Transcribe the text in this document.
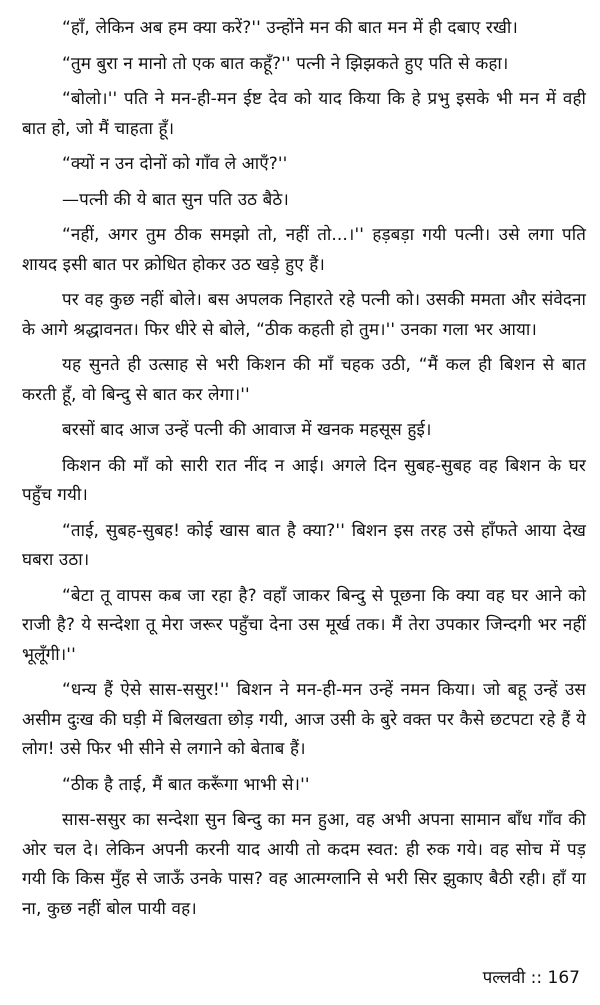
“हाँ, लेकिन अब हम क्या करें?'' उन्होंने मन की बात मन में ही दबाए रखी।

“तुम बुरा न मानो तो एक बात कहूँ?'' पत्नी ने झिझकते हुए पति से कहा।

“बोलो।'' पति ने मन-ही-मन ईष्ट देव को याद किया कि हे प्रभु इसके भी मन में वही बात हो, जो मैं चाहता हूँ।

“क्यों न उन दोनों को गाँव ले आएँ?''

—पत्नी की ये बात सुन पति उठ बैठे।

“नहीं, अगर तुम ठीक समझो तो, नहीं तो...।'' हड़बड़ा गयी पत्नी। उसे लगा पति शायद इसी बात पर क्रोधित होकर उठ खड़े हुए हैं।

पर वह कुछ नहीं बोले। बस अपलक निहारते रहे पत्नी को। उसकी ममता और संवेदना के आगे श्रद्धावनत। फिर धीरे से बोले, “ठीक कहती हो तुम।'' उनका गला भर आया।

यह सुनते ही उत्साह से भरी किशन की माँ चहक उठी, “मैं कल ही बिशन से बात करती हूँ, वो बिन्दु से बात कर लेगा।''

बरसों बाद आज उन्हें पत्नी की आवाज में खनक महसूस हुई।

किशन की माँ को सारी रात नींद न आई। अगले दिन सुबह-सुबह वह बिशन के घर पहुँच गयी।

“ताई, सुबह-सुबह! कोई खास बात है क्या?'' बिशन इस तरह उसे हाँफते आया देख घबरा उठा।

“बेटा तू वापस कब जा रहा है? वहाँ जाकर बिन्दु से पूछना कि क्या वह घर आने को राजी है? ये सन्देशा तू मेरा जरूर पहुँचा देना उस मूर्ख तक। मैं तेरा उपकार जिन्दगी भर नहीं भूलूँगी।''

“धन्य हैं ऐसे सास-ससुर!'' बिशन ने मन-ही-मन उन्हें नमन किया। जो बहू उन्हें उस असीम दुःख की घड़ी में बिलखता छोड़ गयी, आज उसी के बुरे वक्त पर कैसे छटपटा रहे हैं ये लोग! उसे फिर भी सीने से लगाने को बेताब हैं।

“ठीक है ताई, मैं बात करूँगा भाभी से।''

सास-ससुर का सन्देशा सुन बिन्दु का मन हुआ, वह अभी अपना सामान बाँध गाँव की ओर चल दे। लेकिन अपनी करनी याद आयी तो कदम स्वत: ही रुक गये। वह सोच में पड़ गयी कि किस मुँह से जाऊँ उनके पास? वह आत्मग्लानि से भरी सिर झुकाए बैठी रही। हाँ या ना, कुछ नहीं बोल पायी वह।

पल्लवी :: 167
